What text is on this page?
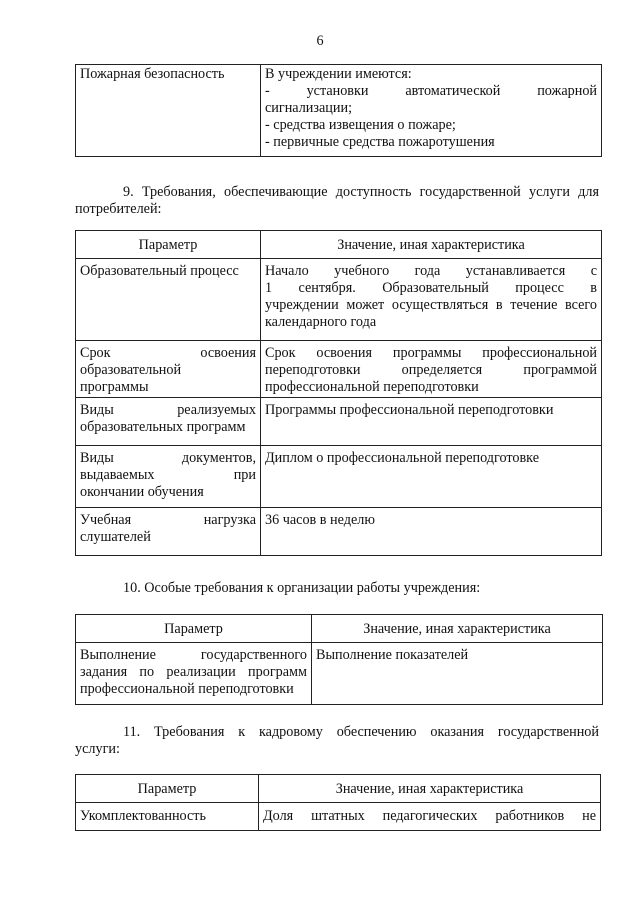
6
Пожарная безопасность	В учреждении имеются:
- установки автоматической пожарной
сигнализации;
- средства извещения о пожаре;
- первичные средства пожаротушения
9. Требования, обеспечивающие доступность государственной услуги для
потребителей:
Параметр	Значение, иная характеристика

Образовательный процесс	Начало учебного года устанавливается с
1 сентября. Образовательный процесс в
учреждении может осуществляться в течение всего
календарного года

Срок освоения
образовательной
программы	Срок освоения программы профессиональной
переподготовки определяется программой
профессиональной переподготовки

Виды реализуемых
образовательных программ	Программы профессиональной переподготовки

Виды документов,
выдаваемых при
окончании обучения	Диплом о профессиональной переподготовке

Учебная нагрузка
слушателей	36 часов в неделю
10. Особые требования к организации работы учреждения:
Параметр	Значение, иная характеристика

Выполнение государственного
задания по реализации программ
профессиональной переподготовки	Выполнение показателей
11. Требования к кадровому обеспечению оказания государственной
услуги:
Параметр	Значение, иная характеристика

Укомплектованность	Доля штатных педагогических работников не
